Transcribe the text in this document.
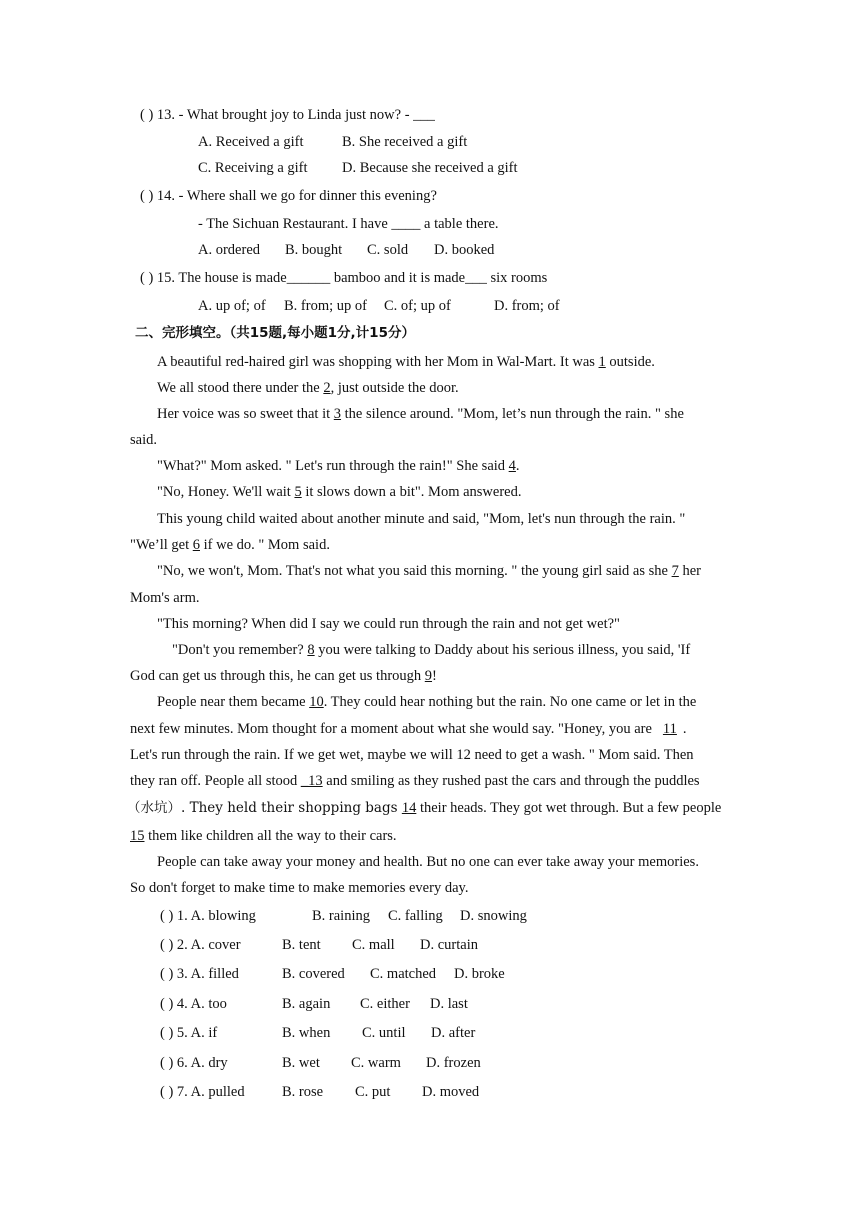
( ) 13. - What brought joy to Linda just now? - ___
A. Received a gift	B. She received a gift
C. Receiving a gift D. Because she received a gift
( ) 14. - Where shall we go for dinner this evening?
- The Sichuan Restaurant. I have ____ a table there.
A. ordered B. bought C. sold D. booked
( ) 15. The house is made______ bamboo and it is made___ six rooms
A. up of; of B. from; up of C. of; up of	D. from; of
二、完形填空。（共15题,每小题1分,计15分）
A beautiful red-haired girl was shopping with her Mom in Wal-Mart. It was 1 outside.
We all stood there under the 2, just outside the door.
Her voice was so sweet that it 3 the silence around. "Mom, let’s nun through the rain. " she
said.
"What?" Mom asked. " Let's run through the rain!" She said 4.
"No, Honey. We'll wait 5 it slows down a bit". Mom answered.
This young child waited about another minute and said, "Mom, let's nun through the rain. "
"We’ll get 6 if we do. " Mom said.
"No, we won't, Mom. That's not what you said this morning. " the young girl said as she 7 her
Mom's arm.
"This morning? When did I say we could run through the rain and not get wet?"
"Don't you remember? 8 you were talking to Daddy about his serious illness, you said, 'If
God can get us through this, he can get us through 9!
People near them became 10. They could hear nothing but the rain. No one came or let in the
next few minutes. Mom thought for a moment about what she would say. "Honey, you are 11 .
Let's run through the rain. If we get wet, maybe we will 12 need to get a wash. " Mom said. Then
they ran off. People all stood _13 and smiling as they rushed past the cars and through the puddles
（水坑）. They held their shopping bags 14 their heads. They got wet through. But a few people
15 them like children all the way to their cars.
People can take away your money and health. But no one can ever take away your memories.
So don't forget to make time to make memories every day.
( ) 1. A. blowing	B. raining C. falling D. snowing
( ) 2. A. cover	B. tent C. mall D. curtain
( ) 3. A. filled	B. covered C. matched D. broke
( ) 4. A. too	B. again C. either D. last
( ) 5. A. if	B. when C. until D. after
( ) 6. A. dry	B. wet C. warm D. frozen
( ) 7. A. pulled	B. rose C. put D. moved
